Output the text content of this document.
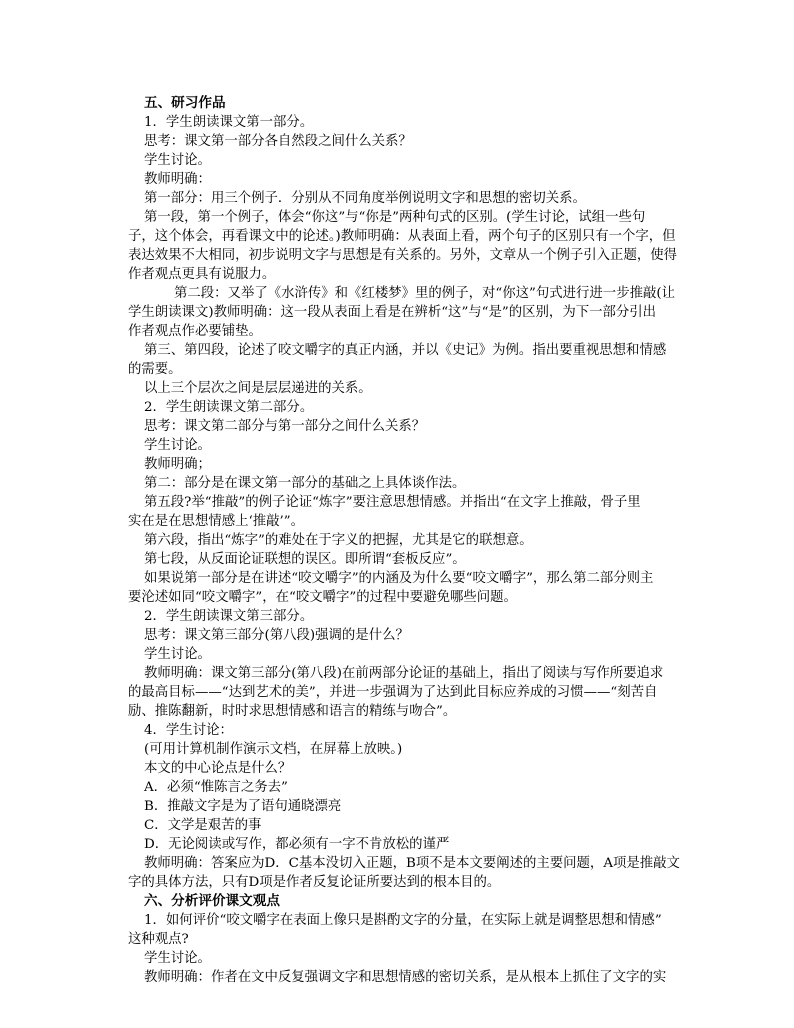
五、研习作品

1．学生朗读课文第一部分。

思考：课文第一部分各自然段之间什么关系？

学生讨论。

教师明确：

第一部分：用三个例子．分别从不同角度举例说明文字和思想的密切关系。

第一段，第一个例子，体会“你这”与“你是”两种句式的区别。(学生讨论，试组一些句

子，这个体会，再看课文中的论述。)教师明确：从表面上看，两个句子的区别只有一个字，但

表达效果不大相同，初步说明文字与思想是有关系的。另外，文章从一个例子引入正题，使得

作者观点更具有说服力。

第二段：又举了《水浒传》和《红楼梦》里的例子，对“你这”句式进行进一步推敲(让

学生朗读课文)教师明确：这一段从表面上看是在辨析“这”与“是”的区别，为下一部分引出

作者观点作必要铺垫。

第三、第四段，论述了咬文嚼字的真正内涵，并以《史记》为例。指出要重视思想和情感

的需要。

以上三个层次之间是层层递进的关系。

2．学生朗读课文第二部分。

思考：课文第二部分与第一部分之间什么关系？

学生讨论。

教师明确；

第二：部分是在课文第一部分的基础之上具体谈作法。

第五段?举“推敲”的例子论证“炼字”要注意思想情感。并指出“在文字上推敲，骨子里

实在是在思想情感上‘推敲’”。

第六段，指出“炼字”的难处在于字义的把握，尤其是它的联想意。

第七段，从反面论证联想的误区。即所谓“套板反应”。

如果说第一部分是在讲述“咬文嚼字”的内涵及为什么要“咬文嚼字”，那么第二部分则主

要沦述如同“咬文嚼字”，在“咬文嚼字”的过程中要避免哪些问题。

2．学生朗读课文第三部分。

思考：课文第三部分(第八段)强调的是什么？

学生讨论。

教师明确：课文第三部分(第八段)在前两部分论证的基础上，指出了阅读与写作所要追求

的最高目标——“达到艺术的美”，并进一步强调为了达到此目标应养成的习惯——“刻苦自

励、推陈翻新，时时求思想情感和语言的精练与吻合”。

4．学生讨论：

(可用计算机制作演示文档，在屏幕上放映。)

本文的中心论点是什么？

A．必须“惟陈言之务去”

B．推敲文字是为了语句通晓漂亮

C．文学是艰苦的事

D．无论阅读或写作，都必须有一字不肯放松的谨严

教师明确：答案应为D．C基本没切入正题，B项不是本文要阐述的主要问题，A项是推敲文

字的具体方法，只有D项是作者反复论证所要达到的根本目的。

六、分析评价课文观点

1．如何评价“咬文嚼字在表面上像只是斟酌文字的分量，在实际上就是调整思想和情感”

这种观点?

学生讨论。

教师明确：作者在文中反复强调文字和思想情感的密切关系，是从根本上抓住了文字的实
